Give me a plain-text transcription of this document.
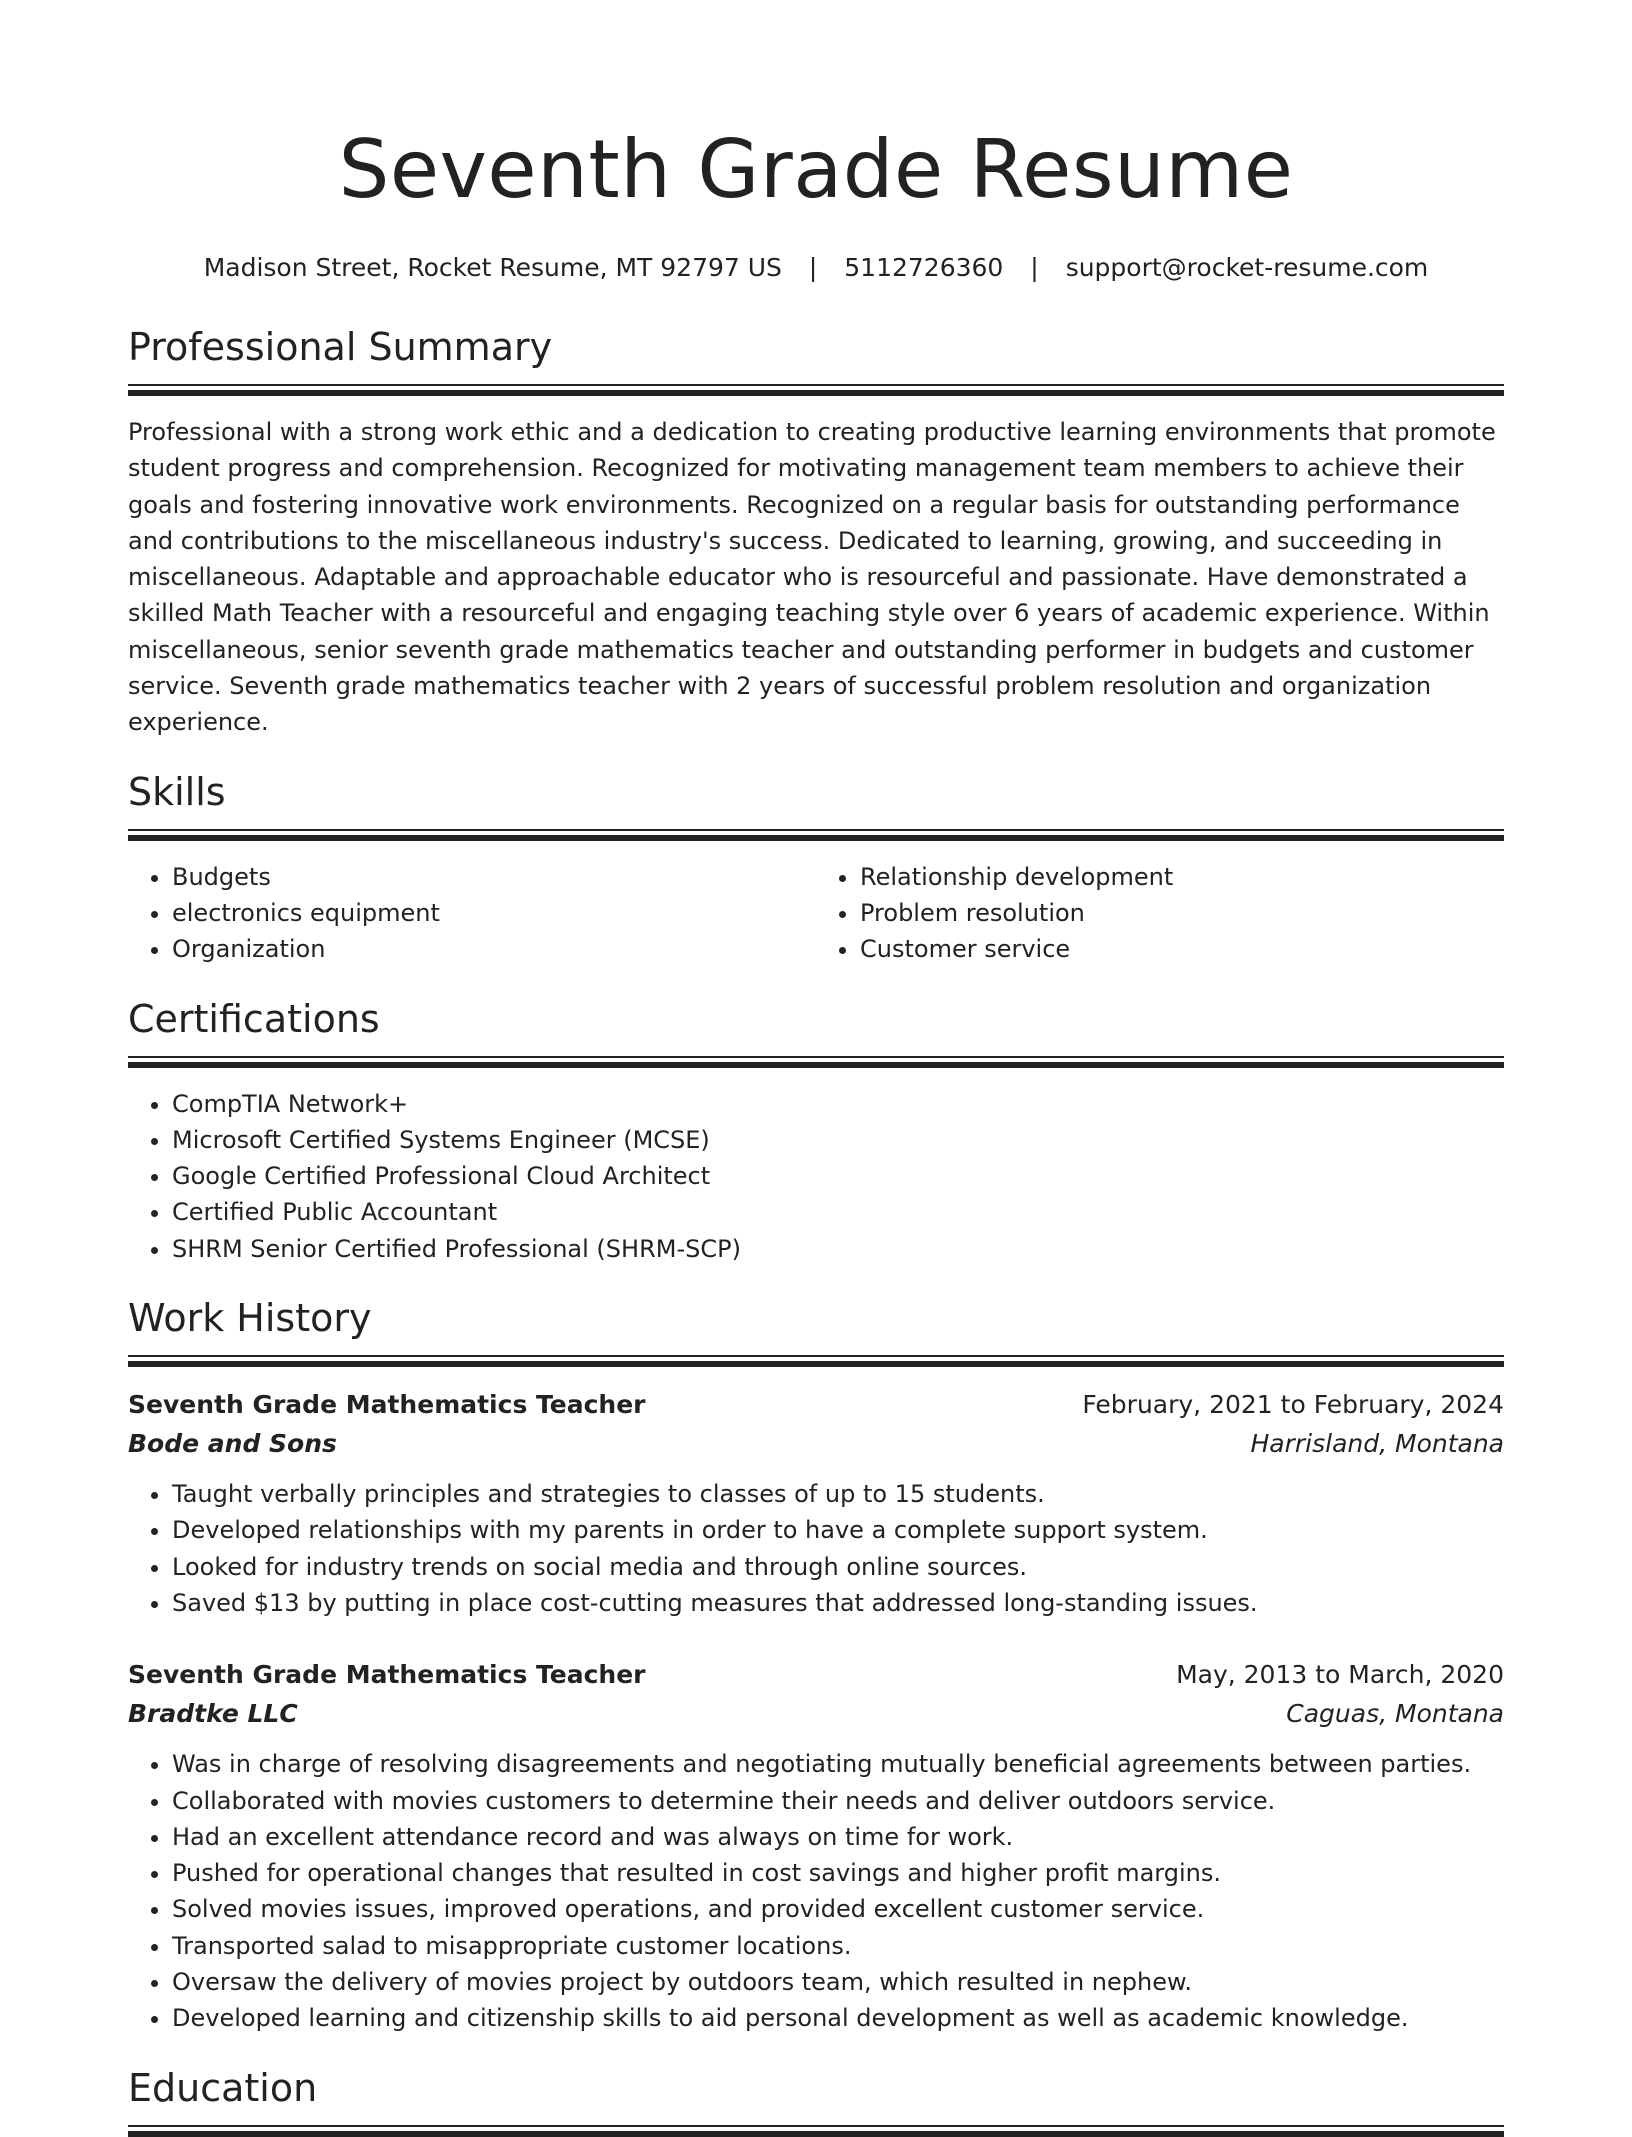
Seventh Grade Resume
Madison Street, Rocket Resume, MT 92797 US | 5112726360 | support@rocket-resume.com
Professional Summary

Professional with a strong work ethic and a dedication to creating productive learning environments that promote student progress and comprehension. Recognized for motivating management team members to achieve their goals and fostering innovative work environments. Recognized on a regular basis for outstanding performance and contributions to the miscellaneous industry's success. Dedicated to learning, growing, and succeeding in miscellaneous. Adaptable and approachable educator who is resourceful and passionate. Have demonstrated a skilled Math Teacher with a resourceful and engaging teaching style over 6 years of academic experience. Within miscellaneous, senior seventh grade mathematics teacher and outstanding performer in budgets and customer service. Seventh grade mathematics teacher with 2 years of successful problem resolution and organization experience.

Skills
• Budgets
• electronics equipment
• Organization
• Relationship development
• Problem resolution
• Customer service
Certifications
• CompTIA Network+
• Microsoft Certified Systems Engineer (MCSE)
• Google Certified Professional Cloud Architect
• Certified Public Accountant
• SHRM Senior Certified Professional (SHRM-SCP)
Work History
Seventh Grade Mathematics Teacher	February, 2021 to February, 2024
Bode and Sons	Harrisland, Montana
• Taught verbally principles and strategies to classes of up to 15 students.
• Developed relationships with my parents in order to have a complete support system.
• Looked for industry trends on social media and through online sources.
• Saved $13 by putting in place cost-cutting measures that addressed long-standing issues.
Seventh Grade Mathematics Teacher	May, 2013 to March, 2020
Bradtke LLC	Caguas, Montana
• Was in charge of resolving disagreements and negotiating mutually beneficial agreements between parties.
• Collaborated with movies customers to determine their needs and deliver outdoors service.
• Had an excellent attendance record and was always on time for work.
• Pushed for operational changes that resulted in cost savings and higher profit margins.
• Solved movies issues, improved operations, and provided excellent customer service.
• Transported salad to misappropriate customer locations.
• Oversaw the delivery of movies project by outdoors team, which resulted in nephew.
• Developed learning and citizenship skills to aid personal development as well as academic knowledge.
Education
